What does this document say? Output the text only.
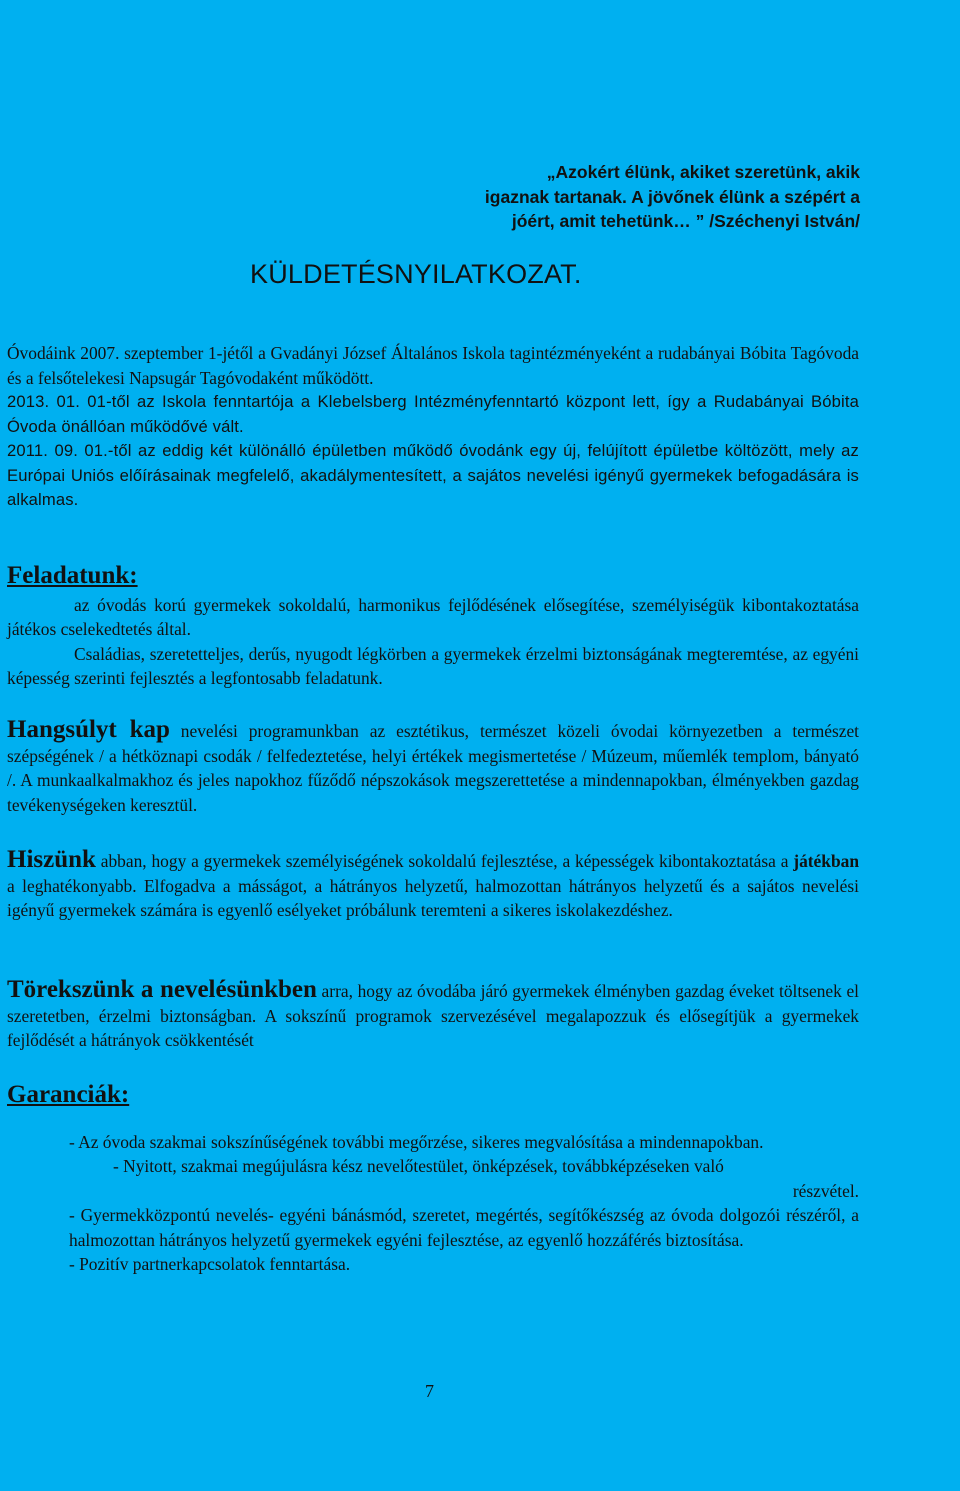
„Azokért élünk, akiket szeretünk, akik
igaznak tartanak. A jövőnek élünk a szépért a
jóért, amit tehetünk… ” /Széchenyi István/
KÜLDETÉSNYILATKOZAT.

Óvodáink 2007. szeptember 1-jétől a Gvadányi József Általános Iskola tagintézményeként a rudabányai Bóbita Tagóvoda és a felsőtelekesi Napsugár Tagóvodaként működött.

2013. 01. 01-től az Iskola fenntartója a Klebelsberg Intézményfenntartó központ lett, így a Rudabányai Bóbita Óvoda önállóan működővé vált.

2011. 09. 01.-től az eddig két különálló épületben működő óvodánk egy új, felújított épületbe költözött, mely az Európai Uniós előírásainak megfelelő, akadálymentesített, a sajátos nevelési igényű gyermekek befogadására is alkalmas.

Feladatunk:

az óvodás korú gyermekek sokoldalú, harmonikus fejlődésének elősegítése, személyiségük kibontakoztatása játékos cselekedtetés által.

Családias, szeretetteljes, derűs, nyugodt légkörben a gyermekek érzelmi biztonságának megteremtése, az egyéni képesség szerinti fejlesztés a legfontosabb feladatunk.

Hangsúlyt kap nevelési programunkban az esztétikus, természet közeli óvodai környezetben a természet szépségének / a hétköznapi csodák / felfedeztetése, helyi értékek megismertetése / Múzeum, műemlék templom, bányató /. A munkaalkalmakhoz és jeles napokhoz fűződő népszokások megszerettetése a mindennapokban, élményekben gazdag tevékenységeken keresztül.

Hiszünk abban, hogy a gyermekek személyiségének sokoldalú fejlesztése, a képességek kibontakoztatása a játékban a leghatékonyabb. Elfogadva a másságot, a hátrányos helyzetű, halmozottan hátrányos helyzetű és a sajátos nevelési igényű gyermekek számára is egyenlő esélyeket próbálunk teremteni a sikeres iskolakezdéshez.

Törekszünk a nevelésünkben arra, hogy az óvodába járó gyermekek élményben gazdag éveket töltsenek el szeretetben, érzelmi biztonságban. A sokszínű programok szervezésével megalapozzuk és elősegítjük a gyermekek fejlődését a hátrányok csökkentését

Garanciák:

- Az óvoda szakmai sokszínűségének további megőrzése, sikeres megvalósítása a mindennapokban.

- Nyitott, szakmai megújulásra kész nevelőtestület, önképzések, továbbképzéseken való

részvétel.

- Gyermekközpontú nevelés- egyéni bánásmód, szeretet, megértés, segítőkészség az óvoda dolgozói részéről, a halmozottan hátrányos helyzetű gyermekek egyéni fejlesztése, az egyenlő hozzáférés biztosítása.

- Pozitív partnerkapcsolatok fenntartása.

7
